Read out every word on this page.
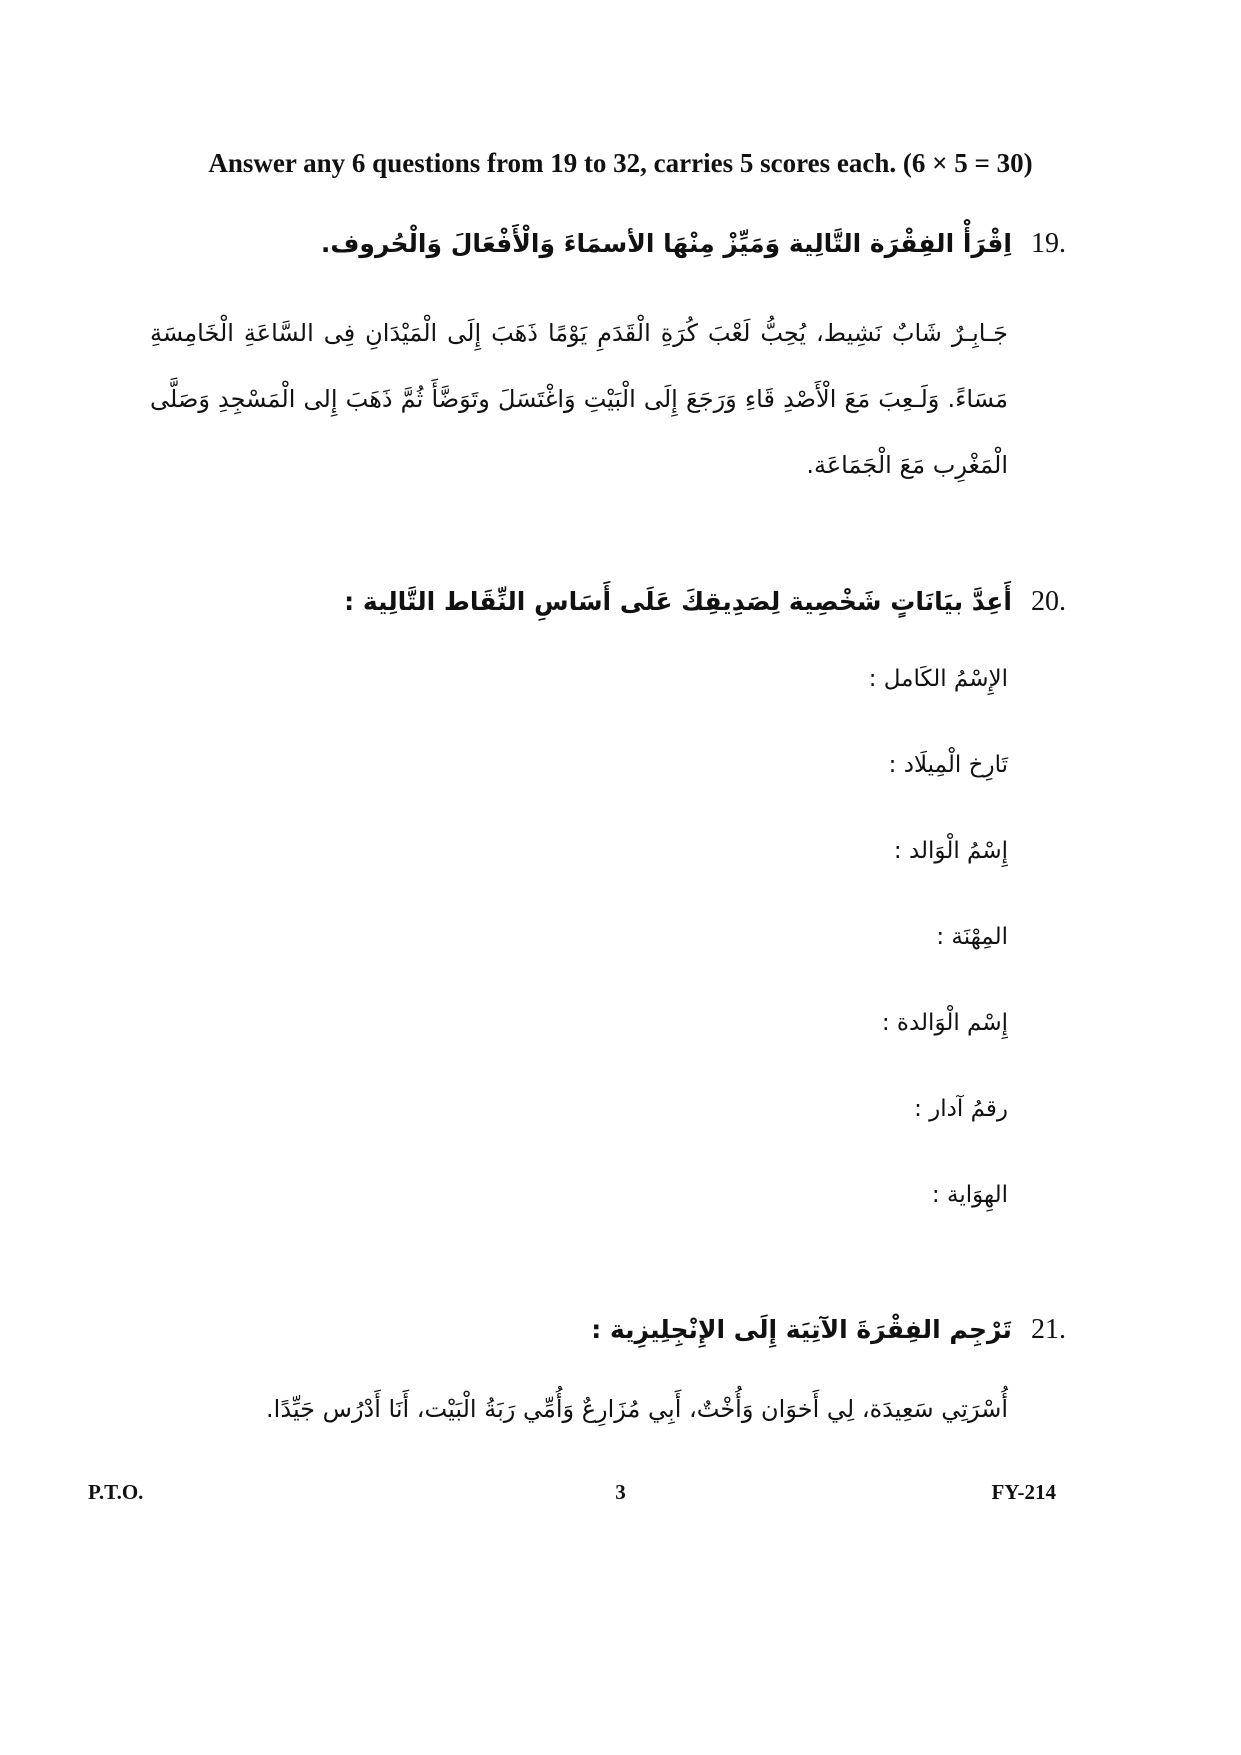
Answer any 6 questions from 19 to 32, carries 5 scores each. (6 × 5 = 30)
19. اِقْرَأْ الفِقْرَة التَّالِية وَمَيِّزْ مِنْهَا الأسمَاءَ وَالْأَفْعَالَ وَالْحُروف.
جَـابِـرٌ شَابٌ نَشِيط، يُحِبُّ لَعْبَ كُرَةِ الْقَدَمِ يَوْمًا ذَهَبَ إِلَى الْمَيْدَانِ فِى السَّاعَةِ الْخَامِسَةِ مَسَاءً. وَلَـعِبَ مَعَ الْأَصْدِ قَاءِ وَرَجَعَ إِلَى الْبَيْتِ وَاغْتَسَلَ وتَوَضَّأَ ثُمَّ ذَهَبَ إِلى الْمَسْجِدِ وَصَلَّى الْمَغْرِب مَعَ الْجَمَاعَة.
20. أَعِدَّ بيَانَاتٍ شَخْصِية لِصَدِيقِكَ عَلَى أَسَاسِ النِّقَاط التَّالِية :
الإِسْمُ الكَامل :
تَارِخ الْمِيلَاد :
إِسْمُ الْوَالد :
المِهْنَة :
إِسْم الْوَالدة :
رقمُ آدار :
الهِوَاية :
21. تَرْجِم الفِقْرَةَ الآتِيَة إِلَى الإِنْجِلِيزِية :
أُسْرَتِي سَعِيدَة، لِي أَخوَان وَأُخْتٌ، أَبِي مُزَارِعٌ وَأُمِّي رَبَةُ الْبَيْت، أَنَا أَدْرُس جَيِّدًا.
P.T.O.	3	FY-214
